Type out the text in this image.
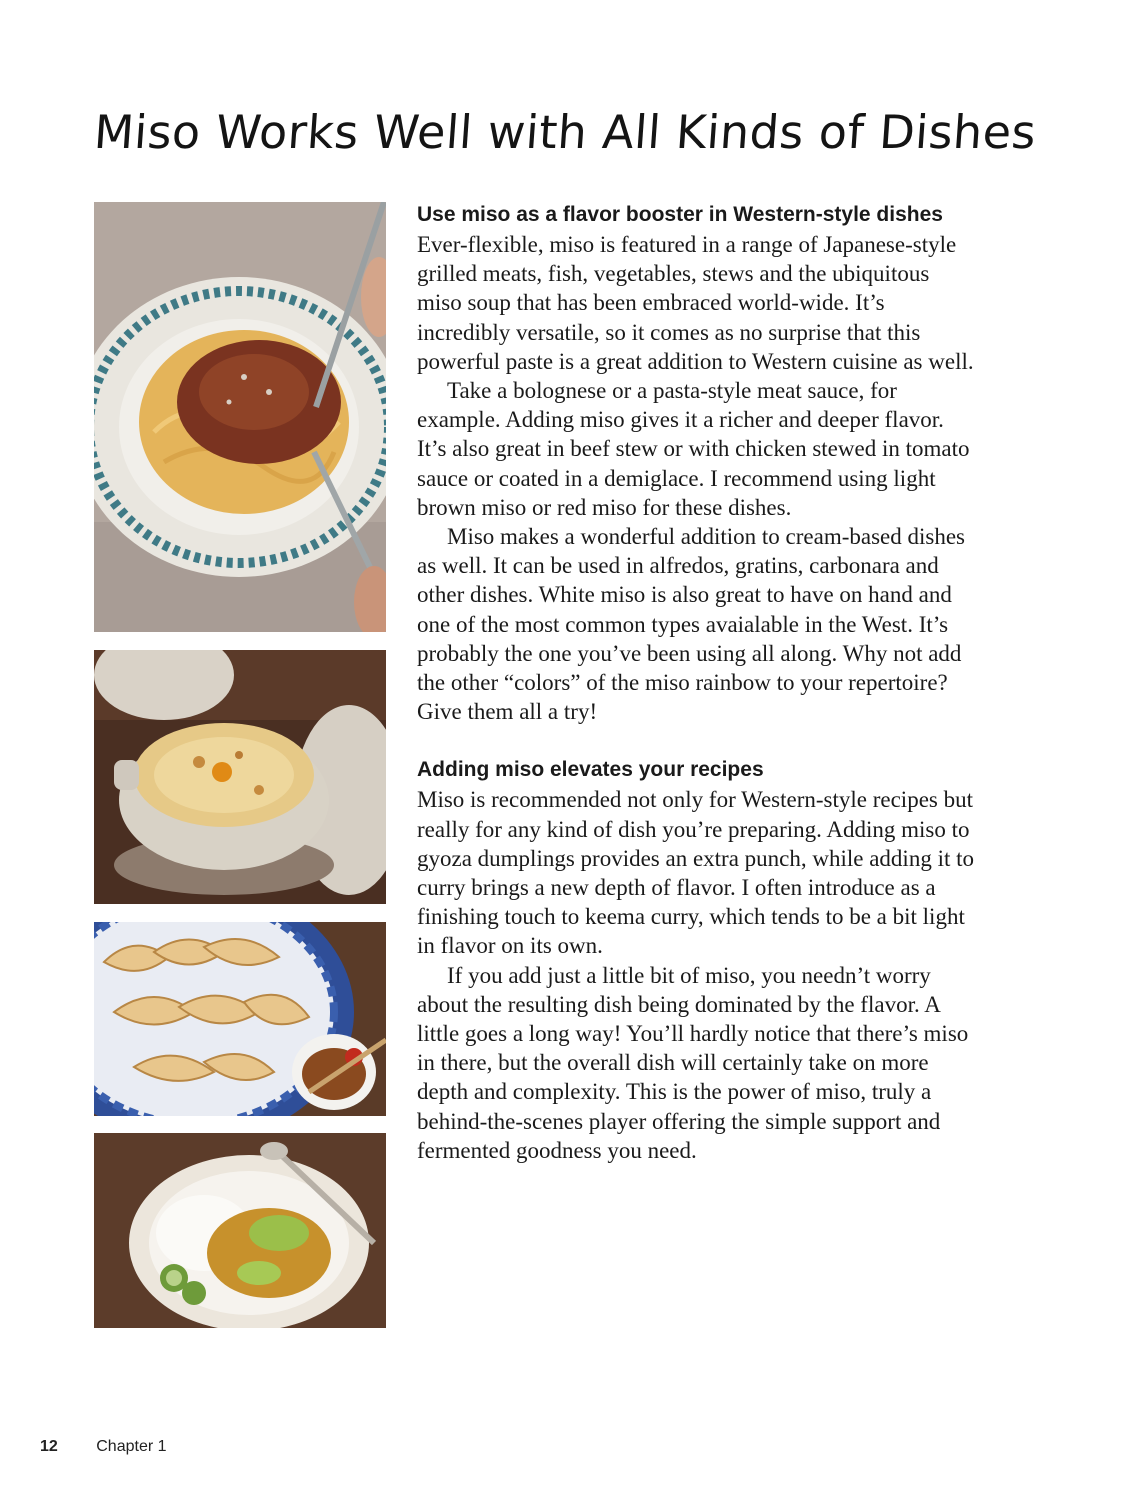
Miso Works Well with All Kinds of Dishes
Use miso as a flavor booster in Western-style dishes

Ever-flexible, miso is featured in a range of Japanese-style grilled meats, fish, vegetables, stews and the ubiquitous miso soup that has been embraced world-wide. It’s incredibly versatile, so it comes as no surprise that this powerful paste is a great addition to Western cuisine as well.

Take a bolognese or a pasta-style meat sauce, for example. Adding miso gives it a richer and deeper flavor. It’s also great in beef stew or with chicken stewed in tomato sauce or coated in a demiglace. I recommend using light brown miso or red miso for these dishes.

Miso makes a wonderful addition to cream-based dishes as well. It can be used in alfredos, gratins, carbonara and other dishes. White miso is also great to have on hand and one of the most common types avaialable in the West. It’s probably the one you’ve been using all along. Why not add the other “colors” of the miso rainbow to your repertoire? Give them all a try!

Adding miso elevates your recipes

Miso is recommended not only for Western-style recipes but really for any kind of dish you’re preparing. Adding miso to gyoza dumplings provides an extra punch, while adding it to curry brings a new depth of flavor. I often introduce as a finishing touch to keema curry, which tends to be a bit light in flavor on its own.

If you add just a little bit of miso, you needn’t worry about the resulting dish being dominated by the flavor. A little goes a long way! You’ll hardly notice that there’s miso in there, but the overall dish will certainly take on more depth and complexity. This is the power of miso, truly a behind-the-scenes player offering the simple support and fermented goodness you need.

12 Chapter 1
